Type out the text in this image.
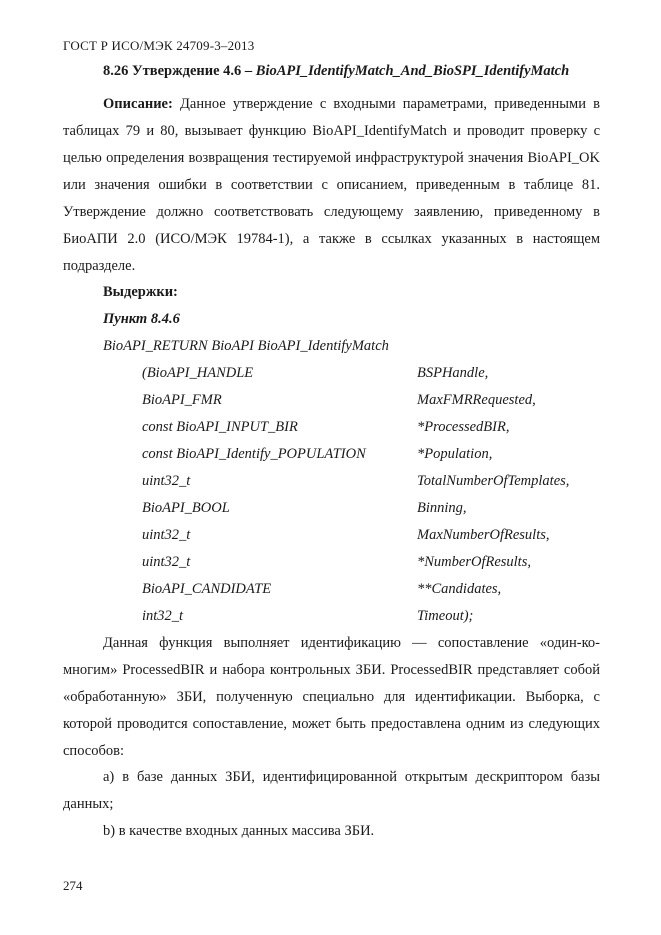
ГОСТ Р ИСО/МЭК 24709-3–2013
8.26 Утверждение 4.6 – BioAPI_IdentifyMatch_And_BioSPI_IdentifyMatch

Описание: Данное утверждение с входными параметрами, приведенными в таблицах 79 и 80, вызывает функцию BioAPI_IdentifyMatch и проводит проверку с целью определения возвращения тестируемой инфраструктурой значения BioAPI_OK или значения ошибки в соответствии с описанием, приведенным в таблице 81. Утверждение должно соответствовать следующему заявлению, приведенному в БиоАПИ 2.0 (ИСО/МЭК 19784-1), а также в ссылках указанных в настоящем подразделе.

Выдержки:
Пункт 8.4.6
BioAPI_RETURN BioAPI BioAPI_IdentifyMatch
(BioAPI_HANDLE	BSPHandle,
BioAPI_FMR	MaxFMRRequested,
const BioAPI_INPUT_BIR	*ProcessedBIR,
const BioAPI_Identify_POPULATION	*Population,
uint32_t	TotalNumberOfTemplates,
BioAPI_BOOL	Binning,
uint32_t	MaxNumberOfResults,
uint32_t	*NumberOfResults,
BioAPI_CANDIDATE	**Candidates,
int32_t	Timeout);

Данная функция выполняет идентификацию — сопоставление «один-ко-многим» ProcessedBIR и набора контрольных ЗБИ. ProcessedBIR представляет собой «обработанную» ЗБИ, полученную специально для идентификации. Выборка, с которой проводится сопоставление, может быть предоставлена одним из следующих способов:

а) в базе данных ЗБИ, идентифицированной открытым дескриптором базы данных;

b) в качестве входных данных массива ЗБИ.

274
